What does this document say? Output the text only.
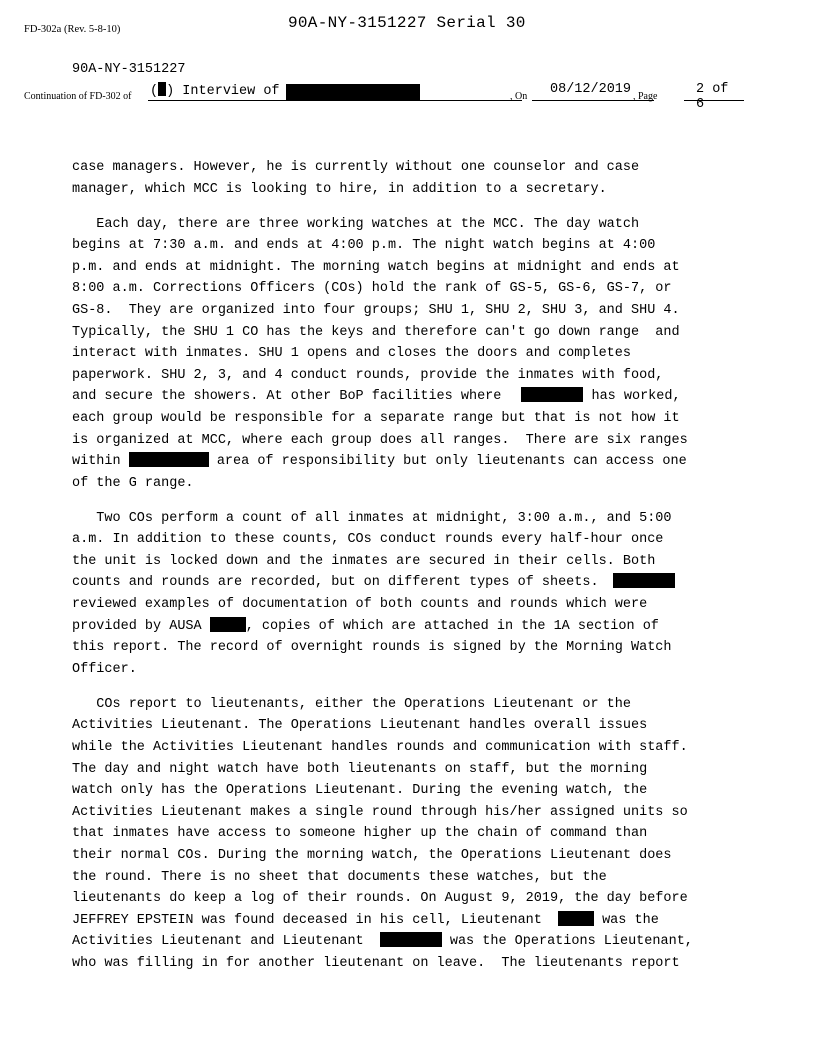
FD-302a (Rev. 5-8-10)	90A-NY-3151227 Serial 30
90A-NY-3151227
Continuation of FD-302 of ( ) Interview of	, On 08/12/2019 , Page	2 of 6
case managers. However, he is currently without one counselor and case
manager, which MCC is looking to hire, in addition to a secretary.
Each day, there are three working watches at the MCC. The day watch
begins at 7:30 a.m. and ends at 4:00 p.m. The night watch begins at 4:00
p.m. and ends at midnight. The morning watch begins at midnight and ends at
8:00 a.m. Corrections Officers (COs) hold the rank of GS-5, GS-6, GS-7, or
GS-8.  They are organized into four groups; SHU 1, SHU 2, SHU 3, and SHU 4.
Typically, the SHU 1 CO has the keys and therefore can't go down range  and
interact with inmates. SHU 1 opens and closes the doors and completes
paperwork. SHU 2, 3, and 4 conduct rounds, provide the inmates with food,
and secure the showers. At other BoP facilities where	has worked,
each group would be responsible for a separate range but that is not how it
is organized at MCC, where each group does all ranges.  There are six ranges
within	area of responsibility but only lieutenants can access one
of the G range.
Two COs perform a count of all inmates at midnight, 3:00 a.m., and 5:00
a.m. In addition to these counts, COs conduct rounds every half-hour once
the unit is locked down and the inmates are secured in their cells. Both
counts and rounds are recorded, but on different types of sheets.
reviewed examples of documentation of both counts and rounds which were
provided by AUSA	, copies of which are attached in the 1A section of
this report. The record of overnight rounds is signed by the Morning Watch
Officer.
COs report to lieutenants, either the Operations Lieutenant or the
Activities Lieutenant. The Operations Lieutenant handles overall issues
while the Activities Lieutenant handles rounds and communication with staff.
The day and night watch have both lieutenants on staff, but the morning
watch only has the Operations Lieutenant. During the evening watch, the
Activities Lieutenant makes a single round through his/her assigned units so
that inmates have access to someone higher up the chain of command than
their normal COs. During the morning watch, the Operations Lieutenant does
the round. There is no sheet that documents these watches, but the
lieutenants do keep a log of their rounds. On August 9, 2019, the day before
JEFFREY EPSTEIN was found deceased in his cell, Lieutenant	was the
Activities Lieutenant and Lieutenant	was the Operations Lieutenant,
who was filling in for another lieutenant on leave.  The lieutenants report
